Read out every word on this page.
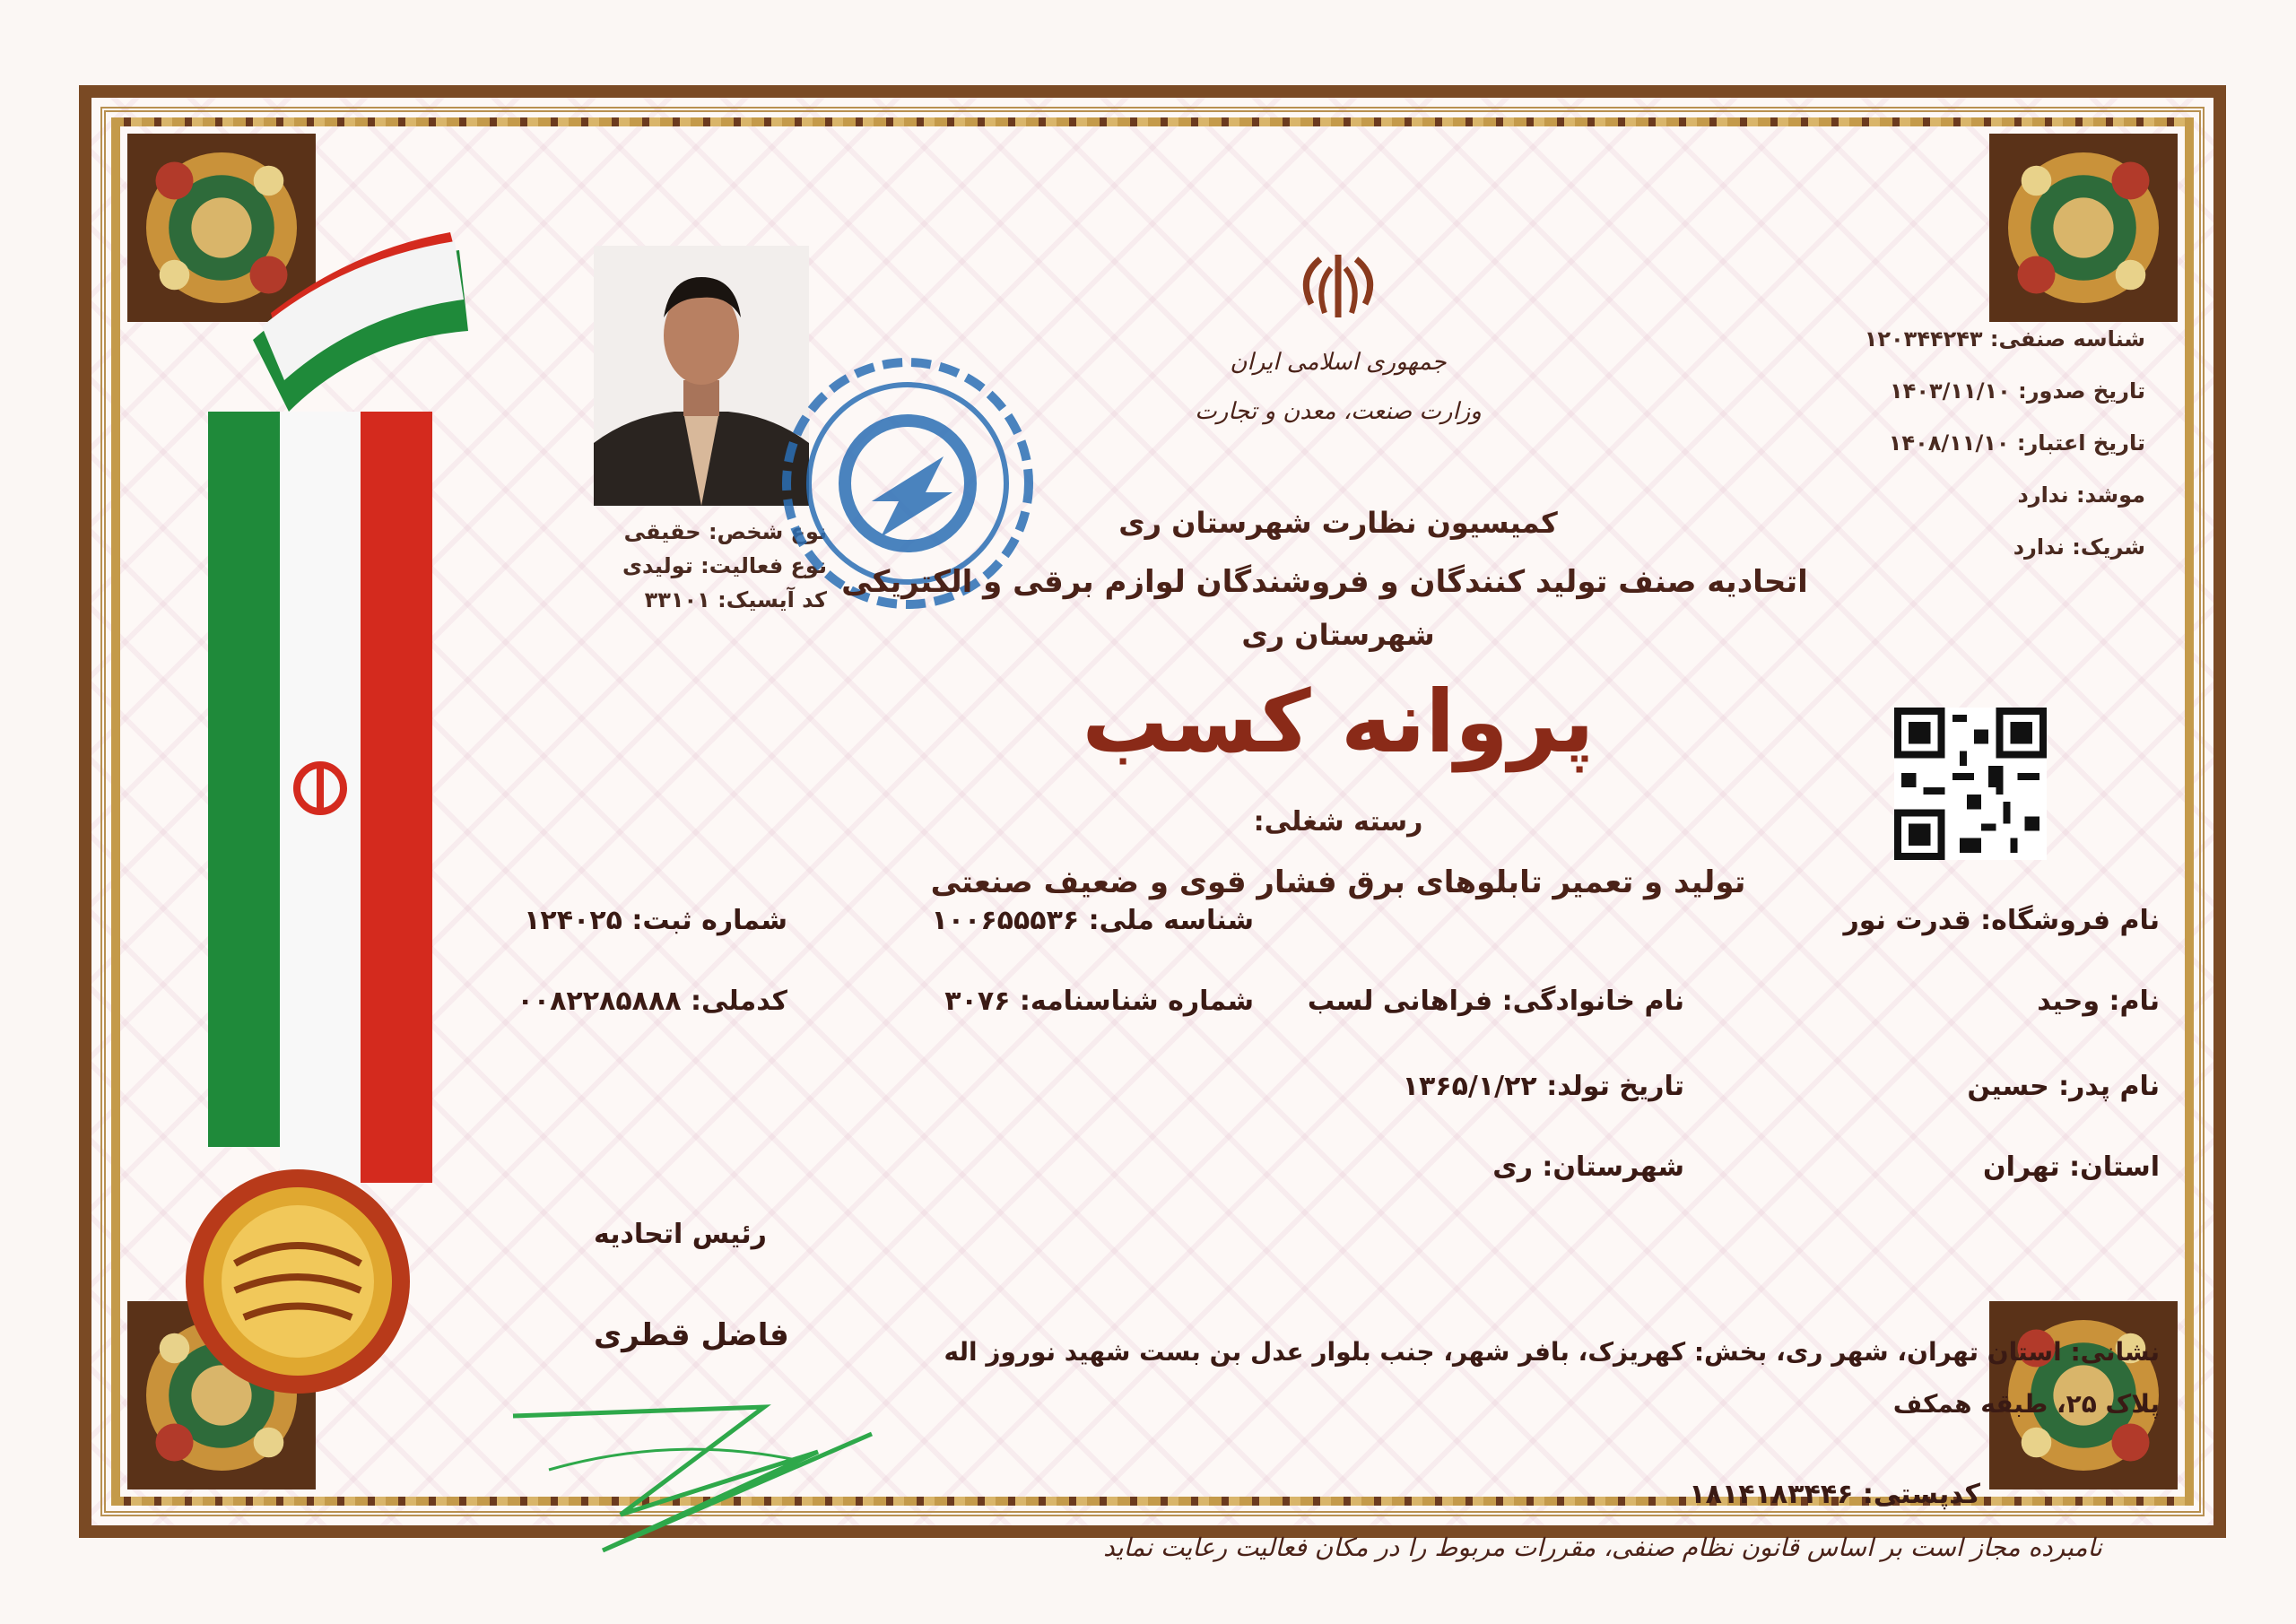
نوع شخص: حقیقی
نوع فعالیت: تولیدی
کد آیسیک: ۳۳۱۰۱
جمهوری اسلامی ایران
وزارت صنعت، معدن و تجارت
کمیسیون نظارت شهرستان ری
اتحادیه صنف تولید کنندگان و فروشندگان لوازم برقی و الکتریکی
شهرستان ری
پروانه کسب
رسته شغلی:
تولید و تعمیر تابلوهای برق فشار قوی و ضعیف صنعتی
شناسه صنفی: ۱۲۰۳۴۴۲۴۳
تاریخ صدور: ۱۴۰۳/۱۱/۱۰
تاریخ اعتبار: ۱۴۰۸/۱۱/۱۰
موشد: ندارد
شریک: ندارد
نام فروشگاه: قدرت نور
نام: وحید
نام پدر: حسین
استان: تهران
نام خانوادگی: فراهانی لسب
تاریخ تولد: ۱۳۶۵/۱/۲۲
شهرستان: ری
شناسه ملی: ۱۰۰۶۵۵۵۳۶
شماره شناسنامه: ۳۰۷۶
شماره ثبت: ۱۲۴۰۲۵
کدملی: ۰۰۸۲۲۸۵۸۸۸
نشانی: استان تهران، شهر ری، بخش: کهریزک، بافر شهر، جنب بلوار عدل بن بست شهید نوروز اله
پلاک ۲۵، طبقه همکف
کدپستی: ۱۸۱۴۱۸۳۴۴۶
رئیس اتحادیه
فاضل قطری
نامبرده مجاز است بر اساس قانون نظام صنفی، مقررات مربوط را در مکان فعالیت رعایت نماید
